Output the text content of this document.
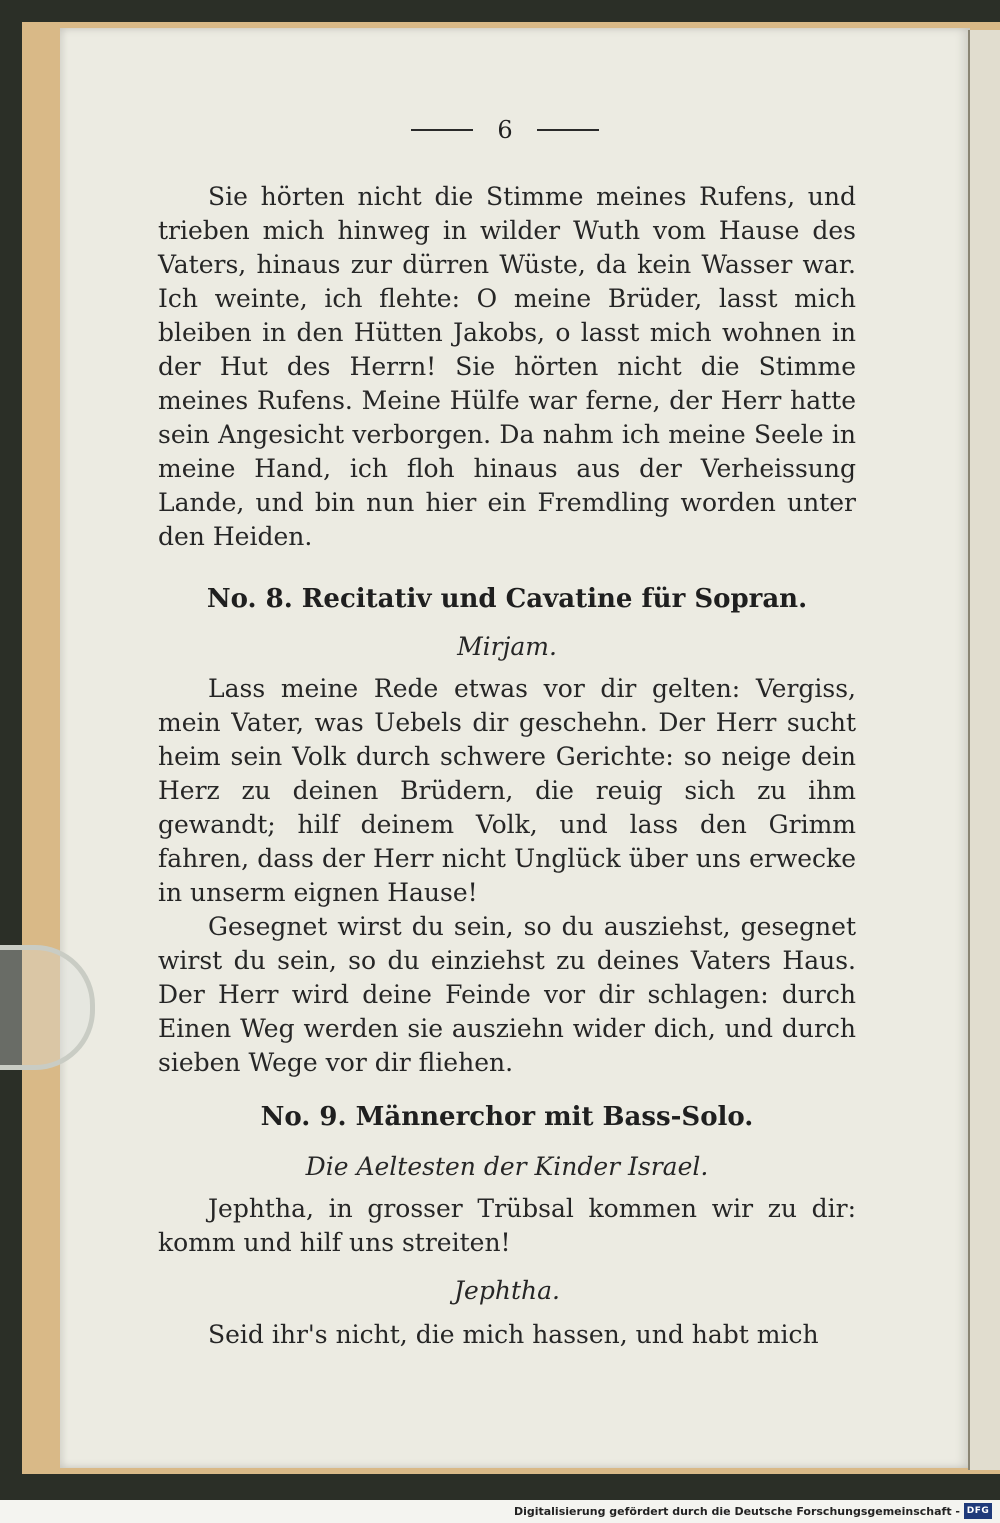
6
Sie hörten nicht die Stimme meines Rufens, und trieben mich hinweg in wilder Wuth vom Hause des Vaters, hinaus zur dürren Wüste, da kein Wasser war. Ich weinte, ich flehte: O meine Brüder, lasst mich bleiben in den Hütten Jakobs, o lasst mich wohnen in der Hut des Herrn! Sie hörten nicht die Stimme meines Rufens. Meine Hülfe war ferne, der Herr hatte sein Angesicht verborgen. Da nahm ich meine Seele in meine Hand, ich floh hinaus aus der Verheissung Lande, und bin nun hier ein Fremdling worden unter den Heiden.
No. 8. Recitativ und Cavatine für Sopran.
Mirjam.
Lass meine Rede etwas vor dir gelten: Vergiss, mein Vater, was Uebels dir geschehn. Der Herr sucht heim sein Volk durch schwere Gerichte: so neige dein Herz zu deinen Brüdern, die reuig sich zu ihm gewandt; hilf deinem Volk, und lass den Grimm fahren, dass der Herr nicht Unglück über uns erwecke in unserm eignen Hause!
Gesegnet wirst du sein, so du ausziehst, gesegnet wirst du sein, so du einziehst zu deines Vaters Haus. Der Herr wird deine Feinde vor dir schlagen: durch Einen Weg werden sie ausziehn wider dich, und durch sieben Wege vor dir fliehen.
No. 9. Männerchor mit Bass-Solo.
Die Aeltesten der Kinder Israel.
Jephtha, in grosser Trübsal kommen wir zu dir: komm und hilf uns streiten!
Jephtha.
Seid ihr's nicht, die mich hassen, und habt mich
Digitalisierung gefördert durch die Deutsche Forschungsgemeinschaft - DFG
